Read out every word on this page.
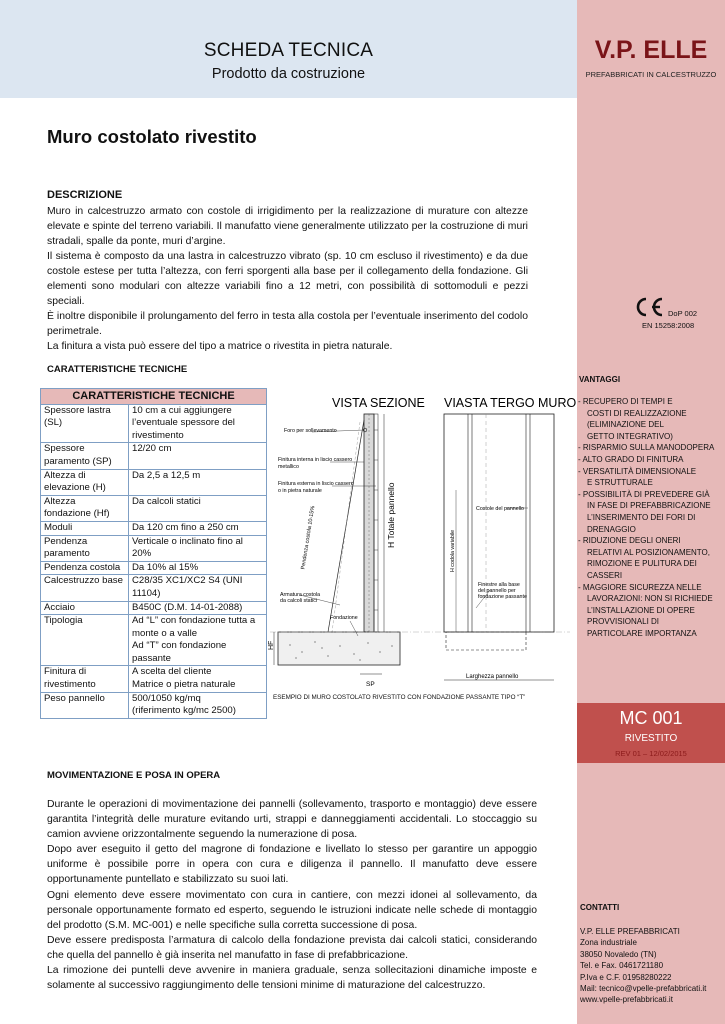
SCHEDA TECNICA
Prodotto da costruzione
V.P. ELLE
PREFABBRICATI IN CALCESTRUZZO
DoP 002
EN 15258:2008
VANTAGGI
- RECUPERO DI TEMPI E
COSTI DI REALIZZAZIONE
(ELIMINAZIONE DEL
GETTO INTEGRATIVO)
- RISPARMIO SULLA MANODOPERA
- ALTO GRADO DI FINITURA
- VERSATILITÀ DIMENSIONALE
E STRUTTURALE
- POSSIBILITÀ DI PREVEDERE GIÀ
IN FASE DI PREFABBRICAZIONE
L’INSERIMENTO DEI FORI DI
DRENAGGIO
- RIDUZIONE DEGLI ONERI
RELATIVI AL POSIZIONAMENTO,
RIMOZIONE E PULITURA DEI
CASSERI
- MAGGIORE SICUREZZA NELLE
LAVORAZIONI: NON SI RICHIEDE
L’INSTALLAZIONE DI OPERE
PROVVISIONALI DI
PARTICOLARE IMPORTANZA
MC 001
RIVESTITO
REV 01 – 12/02/2015
CONTATTI
V.P. ELLE PREFABBRICATI
Zona industriale
38050 Novaledo (TN)
Tel. e Fax. 0461721180
P.Iva e C.F. 01958280222
Mail: tecnico@vpelle-prefabbricati.it
www.vpelle-prefabbricati.it
Muro costolato rivestito
DESCRIZIONE

Muro in calcestruzzo armato con costole di irrigidimento per la realizzazione di murature con altezze elevate e spinte del terreno variabili. Il manufatto viene generalmente utilizzato per la costruzione di muri stradali, spalle da ponte, muri d’argine.

Il sistema è composto da una lastra in calcestruzzo vibrato (sp. 10 cm escluso il rivestimento) e da due costole estese per tutta l’altezza, con ferri sporgenti alla base per il collegamento della fondazione. Gli elementi sono modulari con altezze variabili fino a 12 metri, con possibilità di sottomoduli e pezzi speciali.

È inoltre disponibile il prolungamento del ferro in testa alla costola per l’eventuale inserimento del codolo perimetrale.

La finitura a vista può essere del tipo a matrice o rivestita in pietra naturale.

CARATTERISTICHE TECNICHE
CARATTERISTICHE TECNICHE	
Spessore lastra (SL)	10 cm a cui aggiungere l’eventuale spessore del rivestimento
Spessore paramento (SP)	12/20 cm
Altezza di elevazione (H)	Da 2,5 a 12,5 m
Altezza fondazione (Hf)	Da calcoli statici
Moduli	Da 120 cm fino a 250 cm
Pendenza paramento	Verticale o inclinato fino al 20%
Pendenza costola	Da 10% al 15%
Calcestruzzo base	C28/35 XC1/XC2 S4 (UNI 11104)
Acciaio	B450C (D.M. 14-01-2088)
Tipologia	Ad “L” con fondazione tutta a monte o a valle
Ad “T” con fondazione passante
Finitura di rivestimento	A scelta del cliente
Matrice o pietra naturale
Peso pannello	500/1050 kg/mq
(riferimento kg/mc 2500)
VISTA SEZIONE VIASTA TERGO MURO
HF
SP
H Totale pannello
Pendenza costola 10-15%
Foro per sollevamento
Finitura interna in liscio cassero
metallico
Finitura esterna in liscio cassero
o in pietra naturale
Armatura costola
da calcoli statici
Fondazione
H codola variabile
Costole del pannello
Finestre alla base
del pannello per
fondazione passante
Larghezza pannello
ESEMPIO DI MURO COSTOLATO RIVESTITO CON FONDAZIONE PASSANTE TIPO “T”
MOVIMENTAZIONE E POSA IN OPERA

Durante le operazioni di movimentazione dei pannelli (sollevamento, trasporto e montaggio) deve essere garantita l’integrità delle murature evitando urti, strappi e danneggiamenti accidentali. Lo stoccaggio su camion avviene orizzontalmente seguendo la numerazione di posa.

Dopo aver eseguito il getto del magrone di fondazione e livellato lo stesso per garantire un appoggio uniforme è possibile porre in opera con cura e diligenza il pannello. Il manufatto deve essere opportunamente puntellato e stabilizzato su suoi lati.

Ogni elemento deve essere movimentato con cura in cantiere, con mezzi idonei al sollevamento, da personale opportunamente formato ed esperto, seguendo le istruzioni indicate nelle schede di montaggio del prodotto (S.M. MC-001) e nelle specifiche sulla corretta successione di posa.

Deve essere predisposta l’armatura di calcolo della fondazione prevista dai calcoli statici, considerando che quella del pannello è già inserita nel manufatto in fase di prefabbricazione.

La rimozione dei puntelli deve avvenire in maniera graduale, senza sollecitazioni dinamiche imposte e solamente al successivo raggiungimento delle tensioni minime di maturazione del calcestruzzo.
